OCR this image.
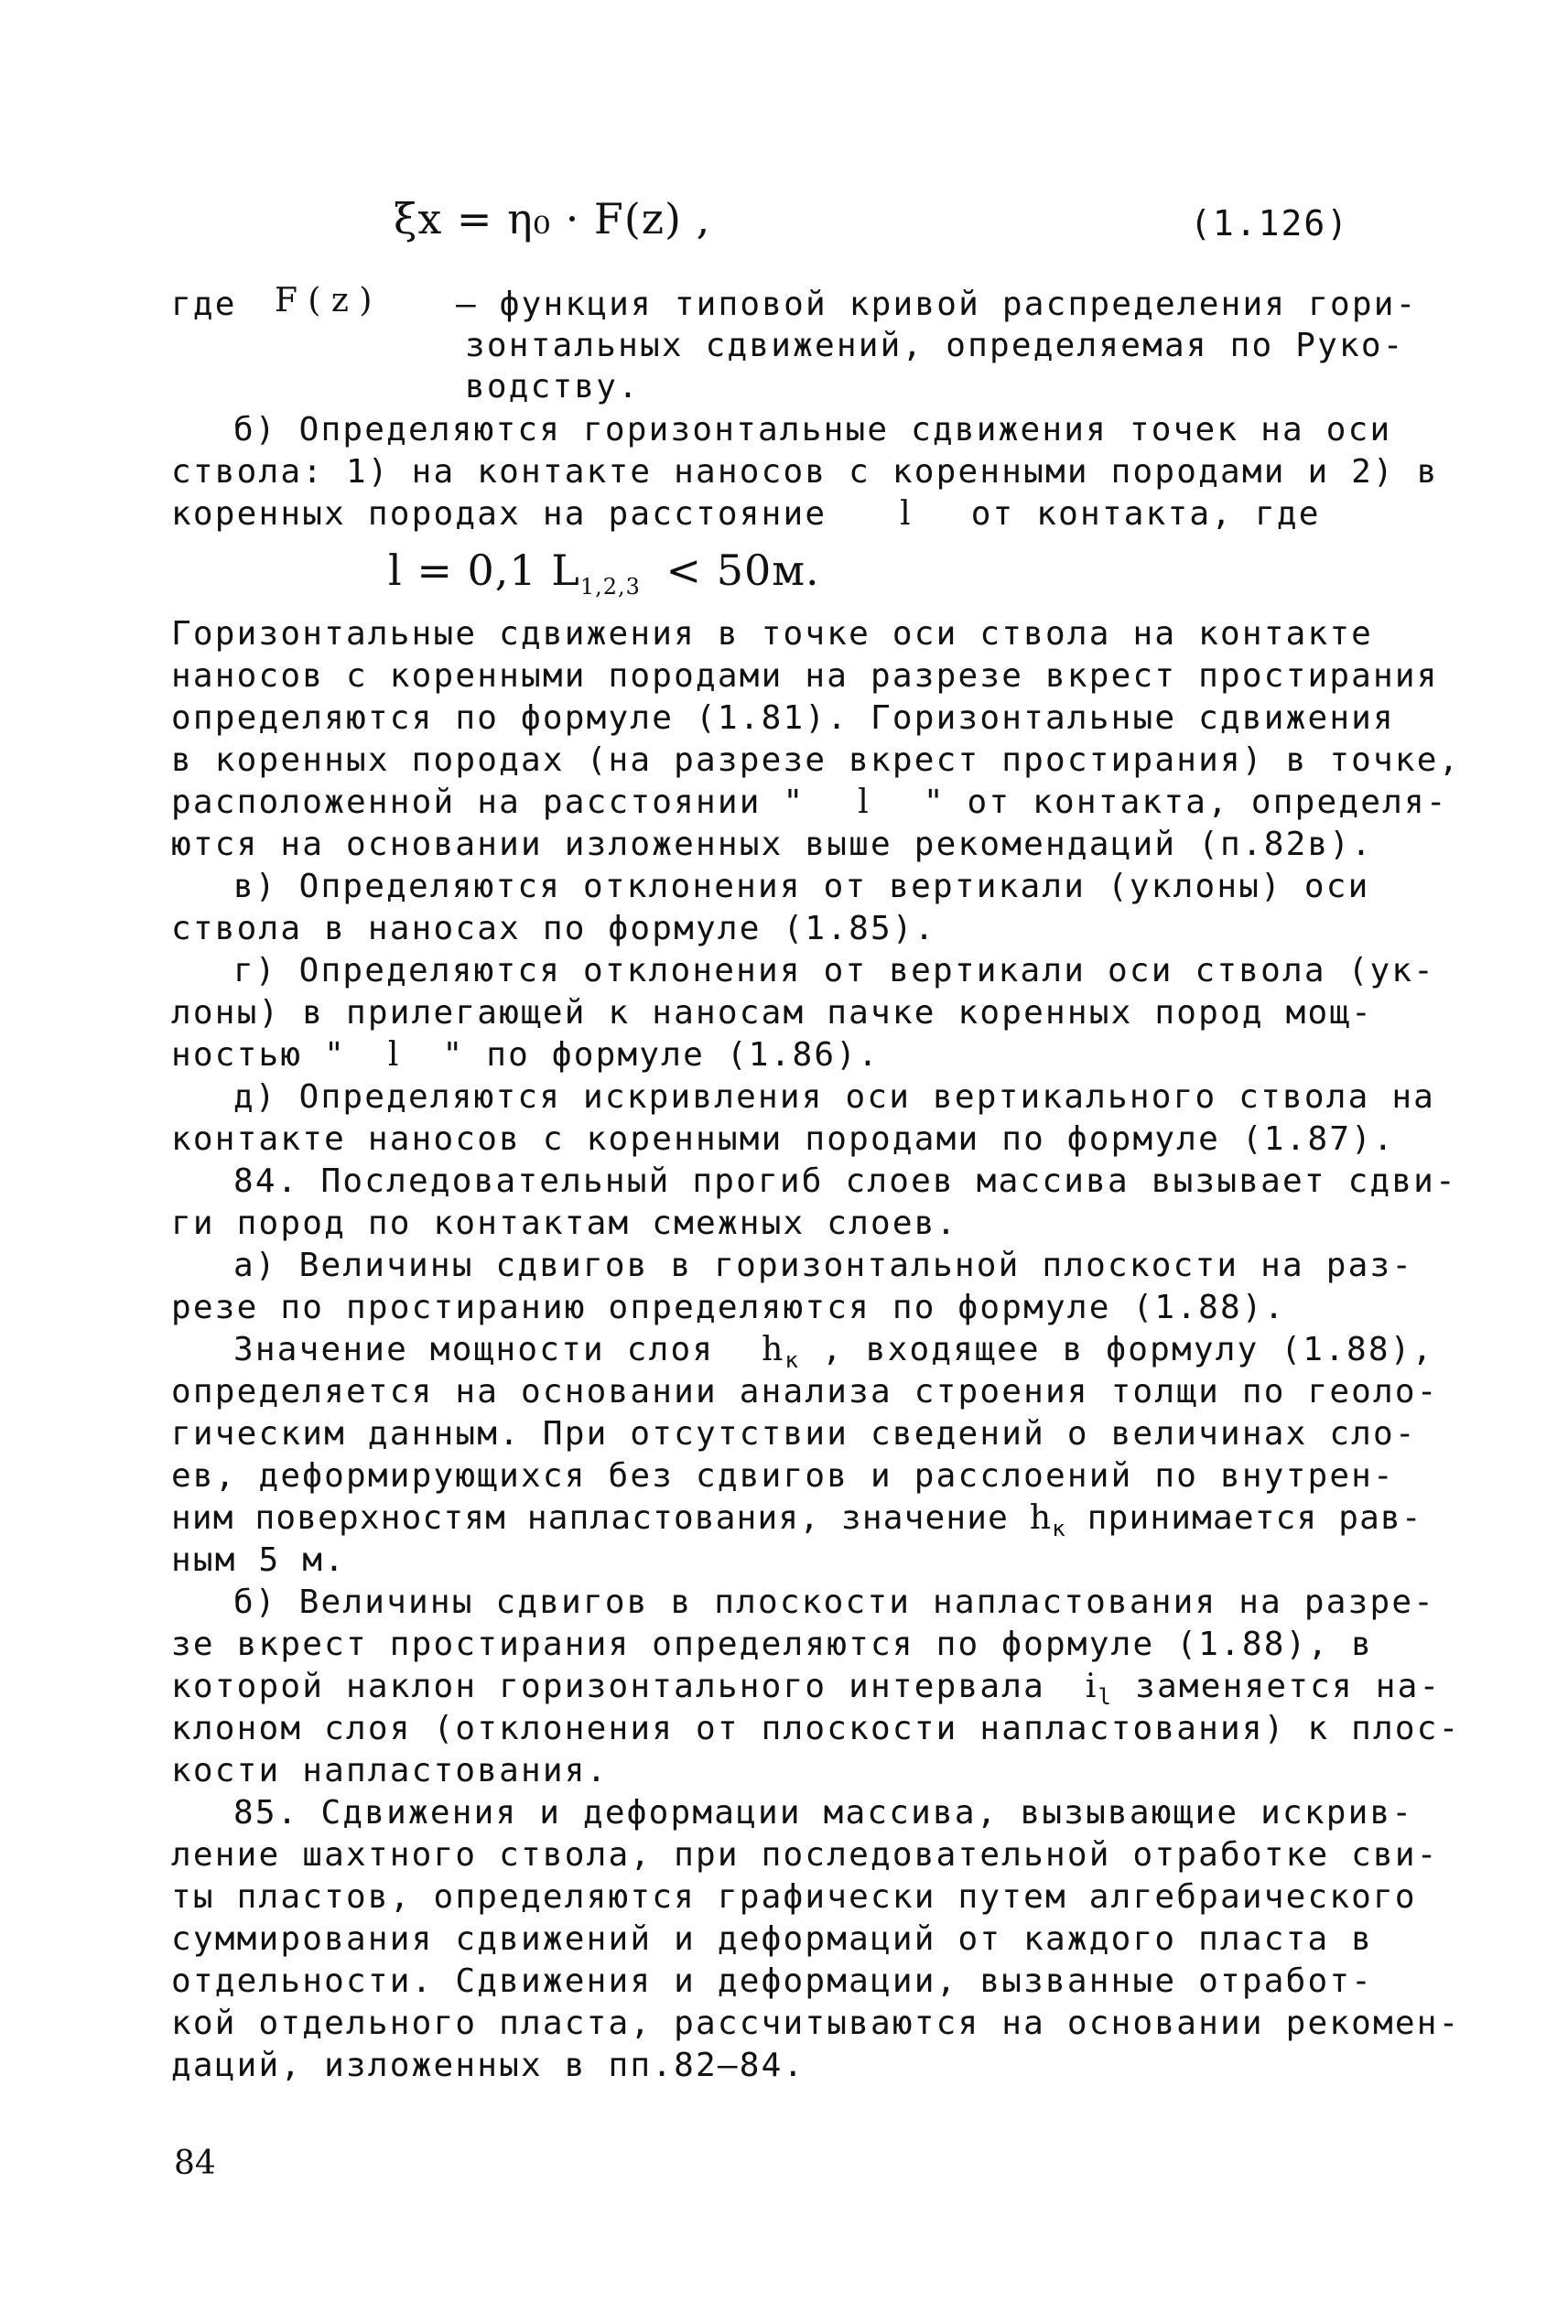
ξx = η₀ · F(z) ,	(1.126)
где F ( z )	– функция типовой кривой распределения гори-
зонтальных сдвижений, определяемая по Руко-
водству.
б) Определяются горизонтальные сдвижения точек на оси
ствола: 1) на контакте наносов с коренными породами и 2) в
коренных породах на расстояние l от контакта, где
l = 0,1 $L_{1,2,3} < 50м$.
Горизонтальные сдвижения в точке оси ствола на контакте
наносов с коренными породами на разрезе вкрест простирания
определяются по формуле (1.81). Горизонтальные сдвижения
в коренных породах (на разрезе вкрест простирания) в точке,
расположенной на расстоянии " l " от контакта, определя-
ются на основании изложенных выше рекомендаций (п.82в).
в) Определяются отклонения от вертикали (уклоны) оси
ствола в наносах по формуле (1.85).
г) Определяются отклонения от вертикали оси ствола (ук-
лоны) в прилегающей к наносам пачке коренных пород мощ-
ностью " l " по формуле (1.86).
д) Определяются искривления оси вертикального ствола на
контакте наносов с коренными породами по формуле (1.87).
84. Последовательный прогиб слоев массива вызывает сдви-
ги пород по контактам смежных слоев.
а) Величины сдвигов в горизонтальной плоскости на раз-
резе по простиранию определяются по формуле (1.88).
Значение мощности слоя $h_к$ , входящее в формулу (1.88),
определяется на основании анализа строения толщи по геоло-
гическим данным. При отсутствии сведений о величинах сло-
ев, деформирующихся без сдвигов и расслоений по внутрен-
ним поверхностям напластования, значение $h_к$ принимается рав-
ным 5 м.
б) Величины сдвигов в плоскости напластования на разре-
зе вкрест простирания определяются по формуле (1.88), в
которой наклон горизонтального интервала $i_l$ заменяется на-
клоном слоя (отклонения от плоскости напластования) к плос-
кости напластования.
85. Сдвижения и деформации массива, вызывающие искрив-
ление шахтного ствола, при последовательной отработке сви-
ты пластов, определяются графически путем алгебраического
суммирования сдвижений и деформаций от каждого пласта в
отдельности. Сдвижения и деформации, вызванные отработ-
кой отдельного пласта, рассчитываются на основании рекомен-
даций, изложенных в пп.82–84.
84
